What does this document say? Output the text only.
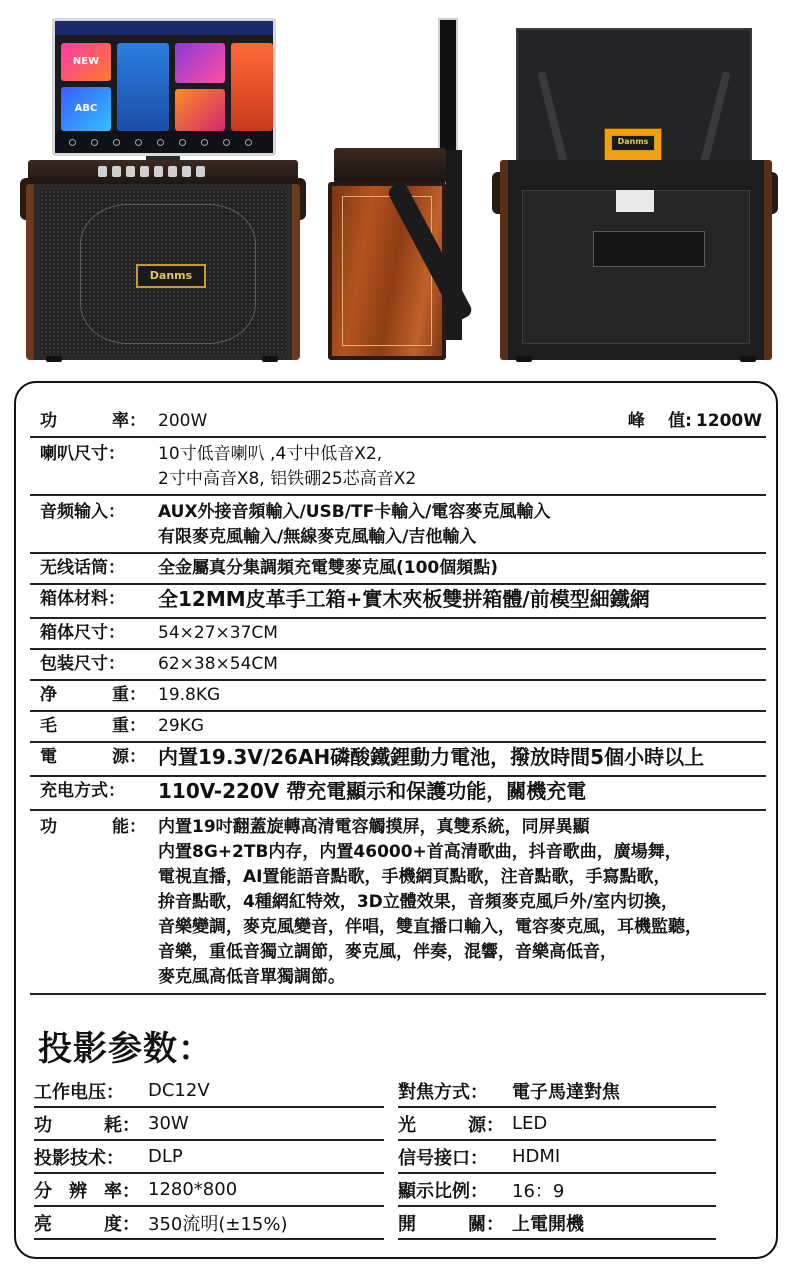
NEW
ABC
Danms
Danms
功	率： 200W	峰 值: 1200W
喇叭尺寸： 10寸低音喇叭 ,4寸中低音X2,
2寸中高音X8, 铝铁硼25芯高音X2
音频输入： AUX外接音頻輸入/USB/TF卡輸入/電容麥克風輸入
有限麥克風輸入/無線麥克風輸入/吉他輸入
无线话筒： 全金屬真分集調頻充電雙麥克風(100個頻點)
箱体材料： 全12MM皮革手工箱+實木夾板雙拼箱體/前模型細鐵網
箱体尺寸： 54×27×37CM
包装尺寸： 62×38×54CM
净	重： 19.8KG
毛	重： 29KG
電	源： 内置19.3V/26AH磷酸鐵鋰動力電池，撥放時間5個小時以上
充电方式： 110V-220V 帶充電顯示和保護功能，關機充電
功	能： 内置19吋翻蓋旋轉高清電容觸摸屏，真雙系統，同屏異顯
内置8G+2TB内存，内置46000+首高清歌曲，抖音歌曲，廣場舞，
電視直播，AI置能語音點歌，手機網頁點歌，注音點歌，手寫點歌，
拚音點歌，4種網紅特效，3D立體效果，音頻麥克風戶外/室内切換，
音樂變調，麥克風變音，伴唱，雙直播口輸入，電容麥克風，耳機監聽，
音樂，重低音獨立調節，麥克風，伴奏，混響，音樂高低音，
麥克風高低音單獨調節。
投影参数：
工作电压： DC12V	對焦方式： 電子馬達對焦
功	耗： 30W	光	源： LED
投影技术： DLP	信号接口： HDMI
分 辨 率： 1280*800	顯示比例： 16：9
亮	度： 350流明(±15%)	開	關： 上電開機
